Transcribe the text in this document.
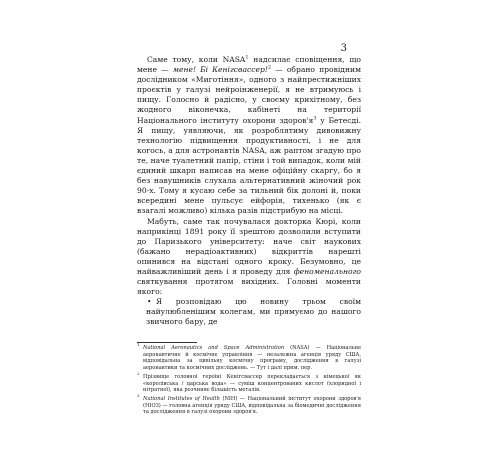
3

Саме тому, коли NASA$^1$ надсилає сповіщення, що мене — мене! Бі Кенігсвассер!$^2$ — обрано провідним дослідником «Миготіння», одного з найпрестижніших проєктів у галузі нейроінженерії, я не втримуюсь і пищу. Голосно й радісно, у своєму крихітному, без жодного віконечка, кабінеті на території Національного інституту охорони $здоров'я^3$ у Бетесді. Я пищу, уявляючи, як розроблятиму дивовижну технологію підвищення продуктивності, і не для когось, а для астронавтів NASA, аж раптом згадую про те, наче туалетний папір, стіни і той випадок, коли мій єдиний шкарп написав на мене офіційну скаргу, бо я без навушників слухала альтернативний жіночий рок 90-х. Тому я кусаю себе за тильний бік долоні й, поки всередині мене пульсує ейфорія, тихенько (як є взагалі можливо) кілька разів підстрибую на місці.

Мабуть, саме так почувалася докторка Кюрі, коли наприкінці 1891 року її зрештою дозволили вступити до Паризького університету: наче світ наукових (бажано нерадіоактивних) відкриттів нарешті опинився на відстані одного кроку. Безумовно, це найважливіший день і я проведу для феноменального святкування протягом вихідних. Головні моменти якого:

• Я розповідаю цю новину трьом своїм найулюбленішим колегам, ми прямуємо до нашого звичного бару, де

1
National Aeronautics and Space Administration (NASA) — Національне аеронавтичне й космічне управління — незалежна агенція уряду США, відповідальна за цивільну космічну програму, дослідження в галузі аеронавтики та космічних досліджень. — Тут і далі прим. пер.

2
Прізвище головної героїні Кенігсвассер перекладається з німецької як «королівська / царська вода» — суміш концентрованих кислот (хлоридної і нітратної), яка розчиняє більшість металів.

3
National Institutes of Health (NIH) — Національний інститут охорони здоров'я (НІОЗ) — головна агенція уряду США, відповідальна за біомедичні дослідження та дослідження в галузі охорони здоров'я.
